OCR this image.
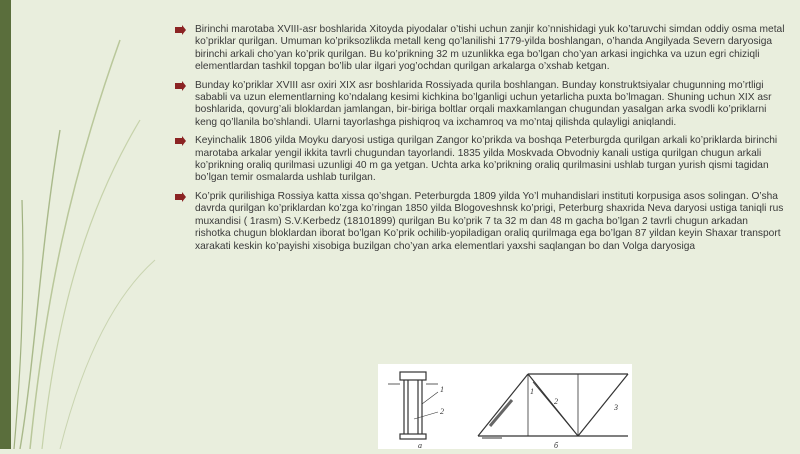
Birinchi marotaba XVIII-asr boshlarida Xitoyda piyodalar o’tishi uchun zanjir ko’nnishidagi yuk ko’taruvchi simdan oddiy osma metal ko’priklar qurilgan. Umuman ko’priksozlikda metall keng qo’lanilishi 1779-yilda boshlangan, o’handa Angilyada Severn daryosiga birinchi arkali cho’yan ko’prik qurilgan. Bu ko’prikning 32 m uzunlikka ega bo’lgan cho’yan arkasi ingichka va uzun egri chiziqli elementlardan tashkil topgan bo’lib ular ilgari yog’ochdan qurilgan arkalarga o’xshab ketgan.
Bunday ko’priklar XVIII asr oxiri XIX asr boshlarida Rossiyada qurila boshlangan. Bunday konstruktsiyalar chugunning mo’rtligi sababli va uzun elementlarning ko’ndalang kesimi kichkina bo’lganligi uchun yetarlicha puxta bo’lmagan. Shuning uchun XIX asr boshlarida, qovurg’ali bloklardan jamlangan, bir-biriga boltlar orqali maxkamlangan chugundan yasalgan arka svodli ko’priklarni keng qo’llanila bo’shlandi. Ularni tayorlashga pishiqroq va ixchamroq va mo’ntaj qilishda qulayligi aniqlandi.
Keyinchalik 1806 yilda Moyku daryosi ustiga qurilgan Zangor ko’prikda va boshqa Peterburgda qurilgan arkali ko’priklarda birinchi marotaba arkalar yengil ikkita tavrli chugundan tayorlandi. 1835 yilda Moskvada Obvodniy kanali ustiga qurilgan chugun arkali ko’prikning oraliq qurilmasi uzunligi 40 m ga yetgan. Uchta arka ko’prikning oraliq qurilmasini ushlab turgan yurish qismi tagidan bo’lgan temir osmalarda ushlab turilgan.
Ko’prik qurilishiga Rossiya katta xissa qo’shgan. Peterburgda 1809 yilda Yo’l muhandislari instituti korpusiga asos solingan. O’sha davrda qurilgan ko’priklardan ko’zga ko’ringan 1850 yilda Blogoveshnsk ko’prigi, Peterburg shaxrida Neva daryosi ustiga taniqli rus muxandisi ( 1rasm) S.V.Kerbedz (18101899) qurilgan Bu ko’prik 7 ta 32 m dan 48 m gacha bo’lgan 2 tavrli chugun arkadan rishotka chugun bloklardan iborat bo’lgan Ko’prik ochilib-yopiladigan oraliq qurilmaga ega bo’lgan 87 yildan keyin Shaxar transport xarakati keskin ko’payishi xisobiga buzilgan cho’yan arka elementlari yaxshi saqlangan bo dan Volga daryosiga
1
2
a
1
2
3
б
